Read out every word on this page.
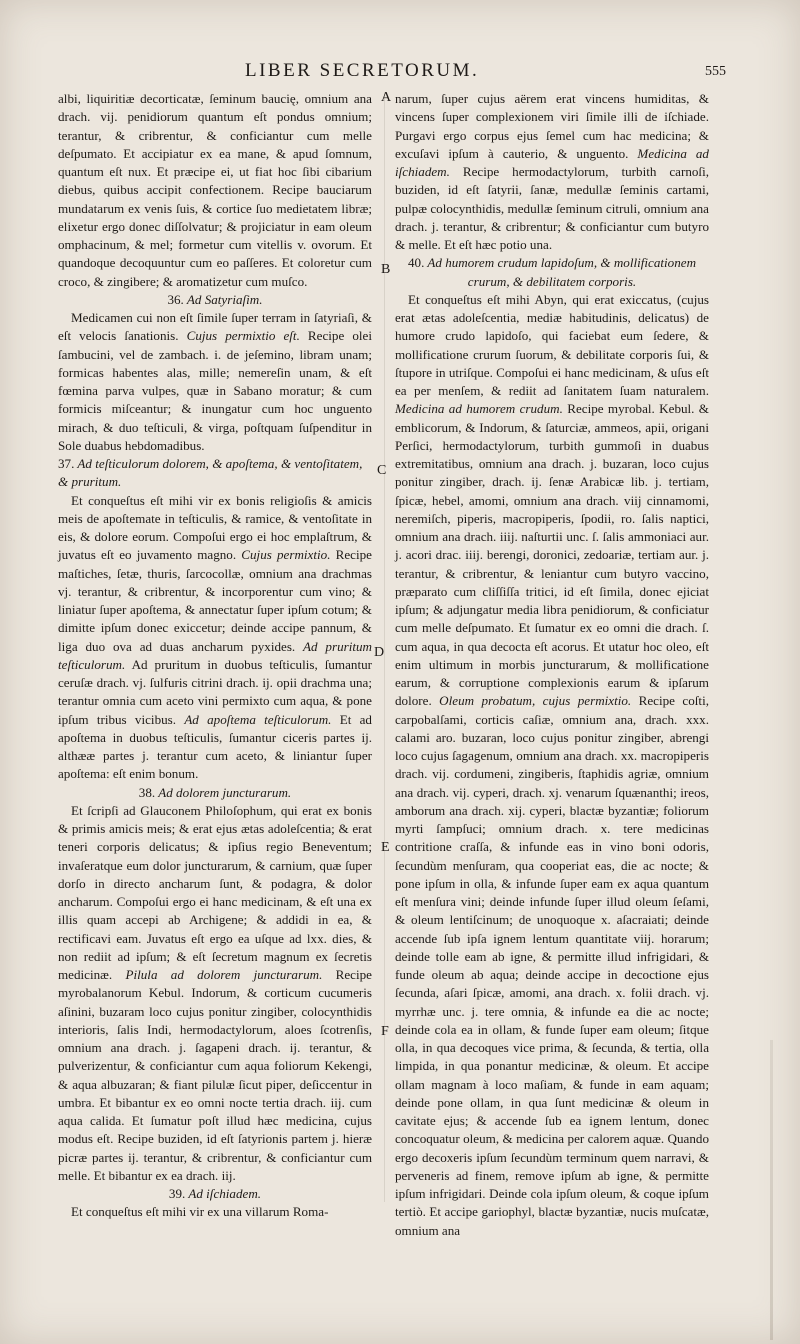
LIBER SECRETORUM.	555
A
B
C
D
E
F

albi, liquiritiæ decorticatæ, ſeminum baucię, omnium ana drach. vij. penidiorum quantum eſt pondus omnium; terantur, & cribrentur, & conficiantur cum melle deſpumato. Et accipiatur ex ea mane, & apud ſomnum, quantum eſt nux. Et præcipe ei, ut fiat hoc ſibi cibarium diebus, quibus accipit confectionem. Recipe bauciarum mundatarum ex venis ſuis, & cortice ſuo medietatem libræ; elixetur ergo donec diſſolvatur; & projiciatur in eam oleum omphacinum, & mel; formetur cum vitellis v. ovorum. Et quandoque decoquuntur cum eo paſſeres. Et coloretur cum croco, & zingibere; & aromatizetur cum muſco.

36. Ad Satyriaſim.

Medicamen cui non eſt ſimile ſuper terram in ſatyriaſi, & eſt velocis ſanationis. Cujus permixtio eſt. Recipe olei ſambucini, vel de zambach. i. de jeſemino, libram unam; formicas habentes alas, mille; nemereſin unam, & eſt fœmina parva vulpes, quæ in Sabano moratur; & cum formicis miſceantur; & inungatur cum hoc unguento mirach, & duo teſticuli, & virga, poſtquam ſuſpenditur in Sole duabus hebdomadibus.

37. Ad teſticulorum dolorem, & apoſtema, & ventoſitatem, & pruritum.

Et conqueſtus eſt mihi vir ex bonis religioſis & amicis meis de apoſtemate in teſticulis, & ramice, & ventoſitate in eis, & dolore eorum. Compoſui ergo ei hoc emplaſtrum, & juvatus eſt eo juvamento magno. Cujus permixtio. Recipe maſtiches, ſetæ, thuris, ſarcocollæ, omnium ana drachmas vj. terantur, & cribrentur, & incorporentur cum vino; & liniatur ſuper apoſtema, & annectatur ſuper ipſum cotum; & dimitte ipſum donec exiccetur; deinde accipe pannum, & liga duo ova ad duas ancharum pyxides. Ad pruritum teſticulorum. Ad pruritum in duobus teſticulis, ſumantur ceruſæ drach. vj. ſulfuris citrini drach. ij. opii drachma una; terantur omnia cum aceto vini permixto cum aqua, & pone ipſum tribus vicibus. Ad apoſtema teſticulorum. Et ad apoſtema in duobus teſticulis, ſumantur ciceris partes ij. althææ partes j. terantur cum aceto, & liniantur ſuper apoſtema: eſt enim bonum.

38. Ad dolorem juncturarum.

Et ſcripſi ad Glauconem Philoſophum, qui erat ex bonis & primis amicis meis; & erat ejus ætas adoleſcentia; & erat teneri corporis delicatus; & ipſius regio Beneventum; invaſeratque eum dolor juncturarum, & carnium, quæ ſuper dorſo in directo ancharum ſunt, & podagra, & dolor ancharum. Compoſui ergo ei hanc medicinam, & eſt una ex illis quam accepi ab Archigene; & addidi in ea, & rectificavi eam. Juvatus eſt ergo ea uſque ad lxx. dies, & non rediit ad ipſum; & eſt ſecretum magnum ex ſecretis medicinæ. Pilula ad dolorem juncturarum. Recipe myrobalanorum Kebul. Indorum, & corticum cucumeris aſinini, buzaram loco cujus ponitur zingiber, colocynthidis interioris, ſalis Indi, hermodactylorum, aloes ſcotrenſis, omnium ana drach. j. ſagapeni drach. ij. terantur, & pulverizentur, & conficiantur cum aqua foliorum Kekengi, & aqua albuzaran; & fiant pilulæ ſicut piper, deſiccentur in umbra. Et bibantur ex eo omni nocte tertia drach. iij. cum aqua calida. Et ſumatur poſt illud hæc medicina, cujus modus eſt. Recipe buziden, id eſt ſatyrionis partem j. hieræ picræ partes ij. terantur, & cribrentur, & conficiantur cum melle. Et bibantur ex ea drach. iij.

39. Ad iſchiadem.

Et conqueſtus eſt mihi vir ex una villarum Roma-

narum, ſuper cujus aërem erat vincens humiditas, & vincens ſuper complexionem viri ſimile illi de iſchiade. Purgavi ergo corpus ejus ſemel cum hac medicina; & excuſavi ipſum à cauterio, & unguento. Medicina ad iſchiadem. Recipe hermodactylorum, turbith carnoſi, buziden, id eſt ſatyrii, ſanæ, medullæ ſeminis cartami, pulpæ colocynthidis, medullæ ſeminum citruli, omnium ana drach. j. terantur, & cribrentur; & conficiantur cum butyro & melle. Et eſt hæc potio una.

40. Ad humorem crudum lapidoſum, & mollificationem crurum, & debilitatem corporis.

Et conqueſtus eſt mihi Abyn, qui erat exiccatus, (cujus erat ætas adoleſcentia, mediæ habitudinis, delicatus) de humore crudo lapidoſo, qui faciebat eum ſedere, & mollificatione crurum ſuorum, & debilitate corporis ſui, & ſtupore in utriſque. Compoſui ei hanc medicinam, & uſus eſt ea per menſem, & rediit ad ſanitatem ſuam naturalem. Medicina ad humorem crudum. Recipe myrobal. Kebul. & emblicorum, & Indorum, & ſaturciæ, ammeos, apii, origani Perſici, hermodactylorum, turbith gummoſi in duabus extremitatibus, omnium ana drach. j. buzaran, loco cujus ponitur zingiber, drach. ij. ſenæ Arabicæ lib. j. tertiam, ſpicæ, hebel, amomi, omnium ana drach. viij cinnamomi, neremiſch, piperis, macropiperis, ſpodii, ro. ſalis naptici, omnium ana drach. iiij. naſturtii unc. ſ. ſalis ammoniaci aur. j. acori drac. iiij. berengi, doronici, zedoariæ, tertiam aur. j. terantur, & cribrentur, & leniantur cum butyro vaccino, præparato cum cliſſiſſa tritici, id eſt ſimila, donec ejiciat ipſum; & adjungatur media libra penidiorum, & conficiatur cum melle deſpumato. Et ſumatur ex eo omni die drach. ſ. cum aqua, in qua decocta eſt acorus. Et utatur hoc oleo, eſt enim ultimum in morbis juncturarum, & mollificatione earum, & corruptione complexionis earum & ipſarum dolore. Oleum probatum, cujus permixtio. Recipe coſti, carpobalſami, corticis caſiæ, omnium ana, drach. xxx. calami aro. buzaran, loco cujus ponitur zingiber, abrengi loco cujus ſagagenum, omnium ana drach. xx. macropiperis drach. vij. cordumeni, zingiberis, ſtaphidis agriæ, omnium ana drach. vij. cyperi, drach. xj. venarum ſquænanthi; ireos, amborum ana drach. xij. cyperi, blactæ byzantiæ; foliorum myrti ſampſuci; omnium drach. x. tere medicinas contritione craſſa, & infunde eas in vino boni odoris, ſecundùm menſuram, qua cooperiat eas, die ac nocte; & pone ipſum in olla, & infunde ſuper eam ex aqua quantum eſt menſura vini; deinde infunde ſuper illud oleum ſeſami, & oleum lentiſcinum; de unoquoque x. aſacraiati; deinde accende ſub ipſa ignem lentum quantitate viij. horarum; deinde tolle eam ab igne, & permitte illud infrigidari, & funde oleum ab aqua; deinde accipe in decoctione ejus ſecunda, aſari ſpicæ, amomi, ana drach. x. folii drach. vj. myrrhæ unc. j. tere omnia, & infunde ea die ac nocte; deinde cola ea in ollam, & funde ſuper eam oleum; ſitque olla, in qua decoques vice prima, & ſecunda, & tertia, olla limpida, in qua ponantur medicinæ, & oleum. Et accipe ollam magnam à loco maſiam, & funde in eam aquam; deinde pone ollam, in qua ſunt medicinæ & oleum in cavitate ejus; & accende ſub ea ignem lentum, donec concoquatur oleum, & medicina per calorem aquæ. Quando ergo decoxeris ipſum ſecundùm terminum quem narravi, & perveneris ad finem, remove ipſum ab igne, & permitte ipſum infrigidari. Deinde cola ipſum oleum, & coque ipſum tertiò. Et accipe gariophyl, blactæ byzantiæ, nucis muſcatæ, omnium ana
